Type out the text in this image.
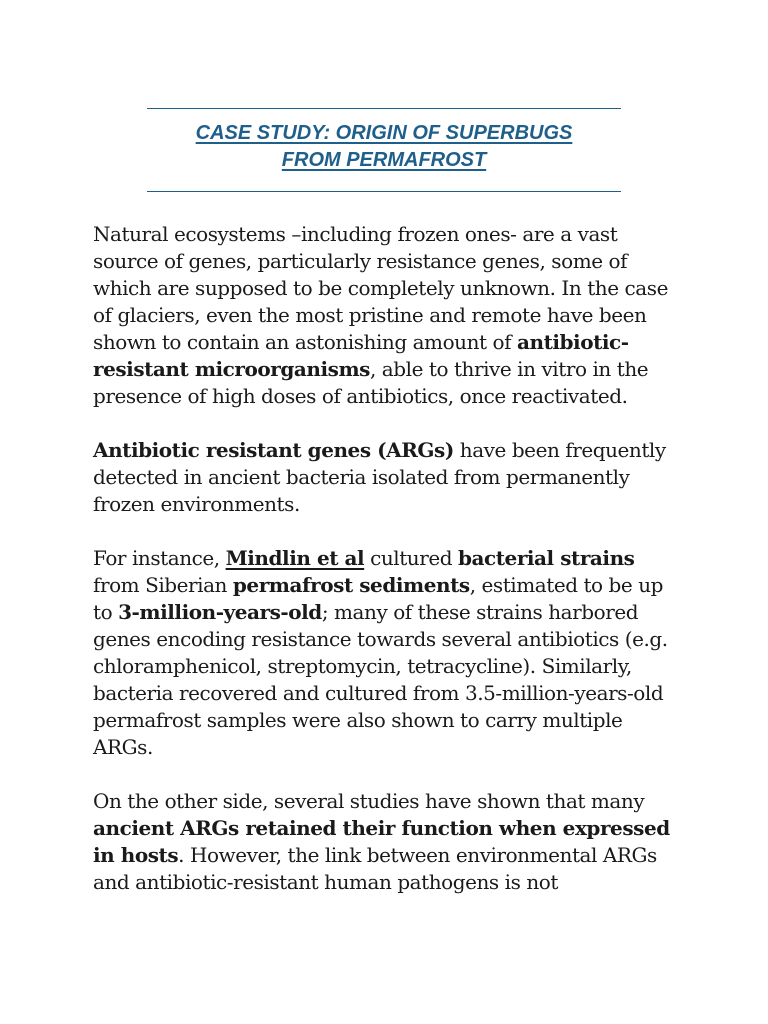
CASE STUDY: ORIGIN OF SUPERBUGS
FROM PERMAFROST

Natural ecosystems –including frozen ones- are a vast source of genes, particularly resistance genes, some of which are supposed to be completely unknown. In the case of glaciers, even the most pristine and remote have been shown to contain an astonishing amount of antibiotic-resistant microorganisms, able to thrive in vitro in the presence of high doses of antibiotics, once reactivated.

Antibiotic resistant genes (ARGs) have been frequently detected in ancient bacteria isolated from permanently frozen environments.

For instance, Mindlin et al cultured bacterial strains from Siberian permafrost sediments, estimated to be up to 3-million-years-old; many of these strains harbored genes encoding resistance towards several antibiotics (e.g. chloramphenicol, streptomycin, tetracycline). Similarly, bacteria recovered and cultured from 3.5-million-years-old permafrost samples were also shown to carry multiple ARGs.

On the other side, several studies have shown that many ancient ARGs retained their function when expressed in hosts. However, the link between environmental ARGs and antibiotic-resistant human pathogens is not
